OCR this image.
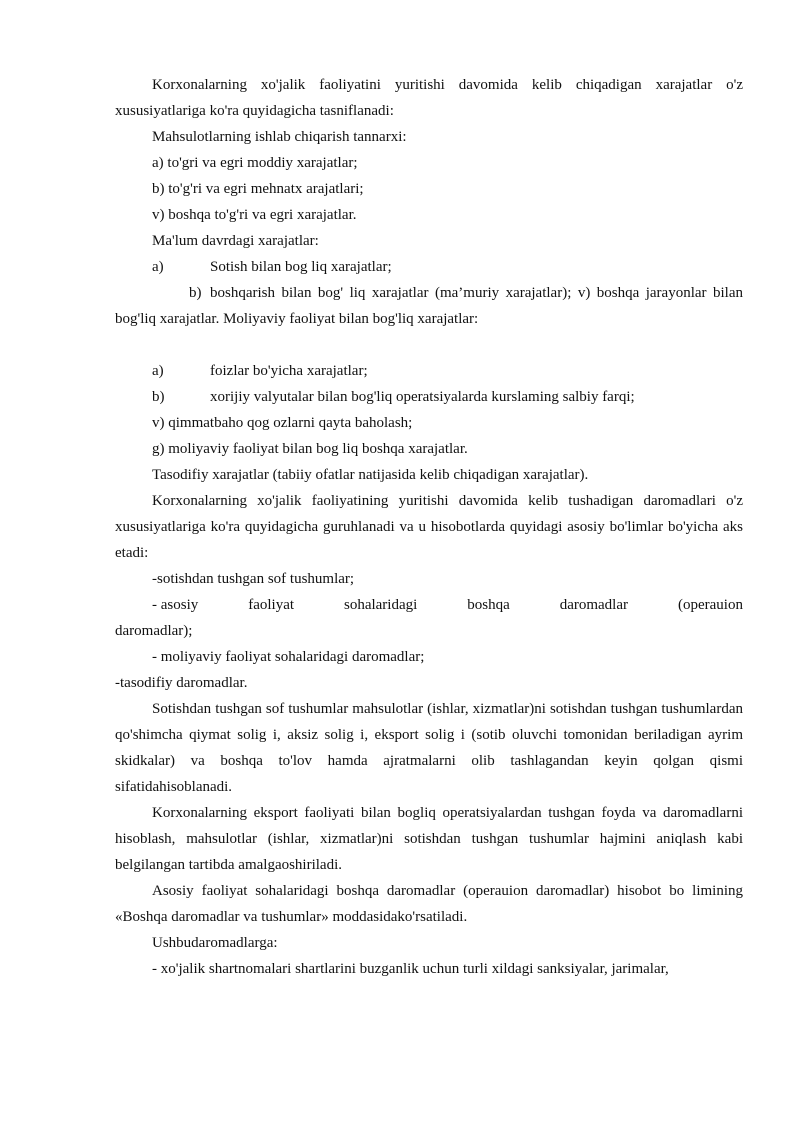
Korxonalarning xo'jalik faoliyatini yuritishi davomida kelib chiqadigan xarajatlar o'z xususiyatlariga ko'ra quyidagicha tasniflanadi:

Mahsulotlarning ishlab chiqarish tannarxi:

a) to'gri va egri moddiy xarajatlar;

b) to'g'ri va egri mehnatx arajatlari;

v) boshqa to'g'ri va egri xarajatlar.

Ma'lum davrdagi xarajatlar:

a)	Sotish bilan bog liq xarajatlar;

b) boshqarish bilan bog' liq xarajatlar (ma’muriy xarajatlar); v) boshqa jarayonlar bilan bog'liq xarajatlar. Moliyaviy faoliyat bilan bog'liq xarajatlar:

a)	foizlar bo'yicha xarajatlar;
b)	xorijiy valyutalar bilan bog'liq operatsiyalarda kurslaming salbiy farqi;

v) qimmatbaho qog ozlarni qayta baholash;

g) moliyaviy faoliyat bilan bog liq boshqa xarajatlar.

Tasodifiy xarajatlar (tabiiy ofatlar natijasida kelib chiqadigan xarajatlar).

Korxonalarning xo'jalik faoliyatining yuritishi davomida kelib tushadigan daromadlari o'z xususiyatlariga ko'ra quyidagicha guruhlanadi va u hisobotlarda quyidagi asosiy bo'limlar bo'yicha aks etadi:

-sotishdan tushgan sof tushumlar;

- asosiy	faoliyat	sohalaridagi	boshqa	daromadlar	(operauion

daromadlar);

- moliyaviy faoliyat sohalaridagi daromadlar;

-tasodifiy daromadlar.

Sotishdan tushgan sof tushumlar mahsulotlar (ishlar, xizmatlar)ni sotishdan tushgan tushumlardan qo'shimcha qiymat solig i, aksiz solig i, eksport solig i (sotib oluvchi tomonidan beriladigan ayrim skidkalar) va boshqa to'lov hamda ajratmalarni olib tashlagandan keyin qolgan qismi sifatidahisoblanadi.

Korxonalarning eksport faoliyati bilan bogliq operatsiyalardan tushgan foyda va daromadlarni hisoblash, mahsulotlar (ishlar, xizmatlar)ni sotishdan tushgan tushumlar hajmini aniqlash kabi belgilangan tartibda amalgaoshiriladi.

Asosiy faoliyat sohalaridagi boshqa daromadlar (operauion daromadlar) hisobot bo limining «Boshqa daromadlar va tushumlar» moddasidako'rsatiladi.

Ushbudaromadlarga:

- xo'jalik shartnomalari shartlarini buzganlik uchun turli xildagi sanksiyalar, jarimalar,
